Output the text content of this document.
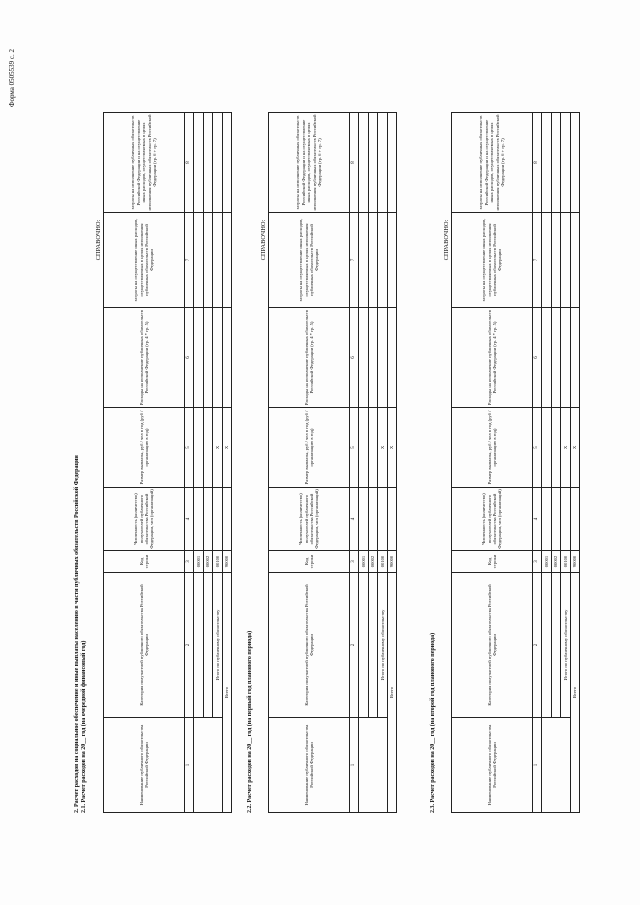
Форма 0505539 с. 2
2. Расчет расходов на социальное обеспечение и иные выплаты населению в части публичных обязательств Российской Федерации 2.1. Расчет расходов на 20__ год (на очередной финансовый год)
СПРАВОЧНО:
Наименование публичного обязательства Российской Федерации	Категория получателей публичного обязательства Российской Федерации	Код строки	Численность (количество) получателей публичного обязательства Российской Федерации, чел (организаций)	Размер выплаты, руб / чел в год (руб / организацию в год)	Расходы на исполнение публичных обязательств Российской Федерации (гр. 4 * гр. 5)	затраты на осуществление иных расходов, осуществляемых в целях исполнения публичных обязательств Российской Федерации	затраты на исполнение публичных обязательств Российской Федерации и на осуществление иных расходов, осуществляемых в целях исполнения публичных обязательств Российской Федерации (гр. 6 + гр. 7)
1	2	3	4	5	6	7	8
		00001					
		00002					
	Итого по публичному обязательству	00100		X			
Всего		90000		X			
2.2. Расчет расходов на 20__ год (на первый год планового периода)
СПРАВОЧНО:
Наименование публичного обязательства Российской Федерации	Категория получателей публичного обязательства Российской Федерации	Код строки	Численность (количество) получателей публичного обязательства Российской Федерации, чел (организаций)	Размер выплаты, руб / чел в год (руб / организацию в год)	Расходы на исполнение публичных обязательств Российской Федерации (гр. 4 * гр. 5)	затраты на осуществление иных расходов, осуществляемых в целях исполнения публичных обязательств Российской Федерации	затраты на исполнение публичных обязательств Российской Федерации и на осуществление иных расходов, осуществляемых в целях исполнения публичных обязательств Российской Федерации (гр. 6 + гр. 7)
1	2	3	4	5	6	7	8
		00001					
		00002					
	Итого по публичному обязательству	00100		X			
Всего		90000		X			
2.3. Расчет расходов на 20__ год (на второй год планового периода)
СПРАВОЧНО:
Наименование публичного обязательства Российской Федерации	Категория получателей публичного обязательства Российской Федерации	Код строки	Численность (количество) получателей публичного обязательства Российской Федерации, чел (организаций)	Размер выплаты, руб / чел в год (руб / организацию в год)	Расходы на исполнение публичных обязательств Российской Федерации (гр. 4 * гр. 5)	затраты на осуществление иных расходов, осуществляемых в целях исполнения публичных обязательств Российской Федерации	затраты на исполнение публичных обязательств Российской Федерации и на осуществление иных расходов, осуществляемых в целях исполнения публичных обязательств Российской Федерации (гр. 6 + гр. 7)
1	2	3	4	5	6	7	8
		00001					
		00002					
	Итого по публичному обязательству	00100		X			
Всего		90000		X			
